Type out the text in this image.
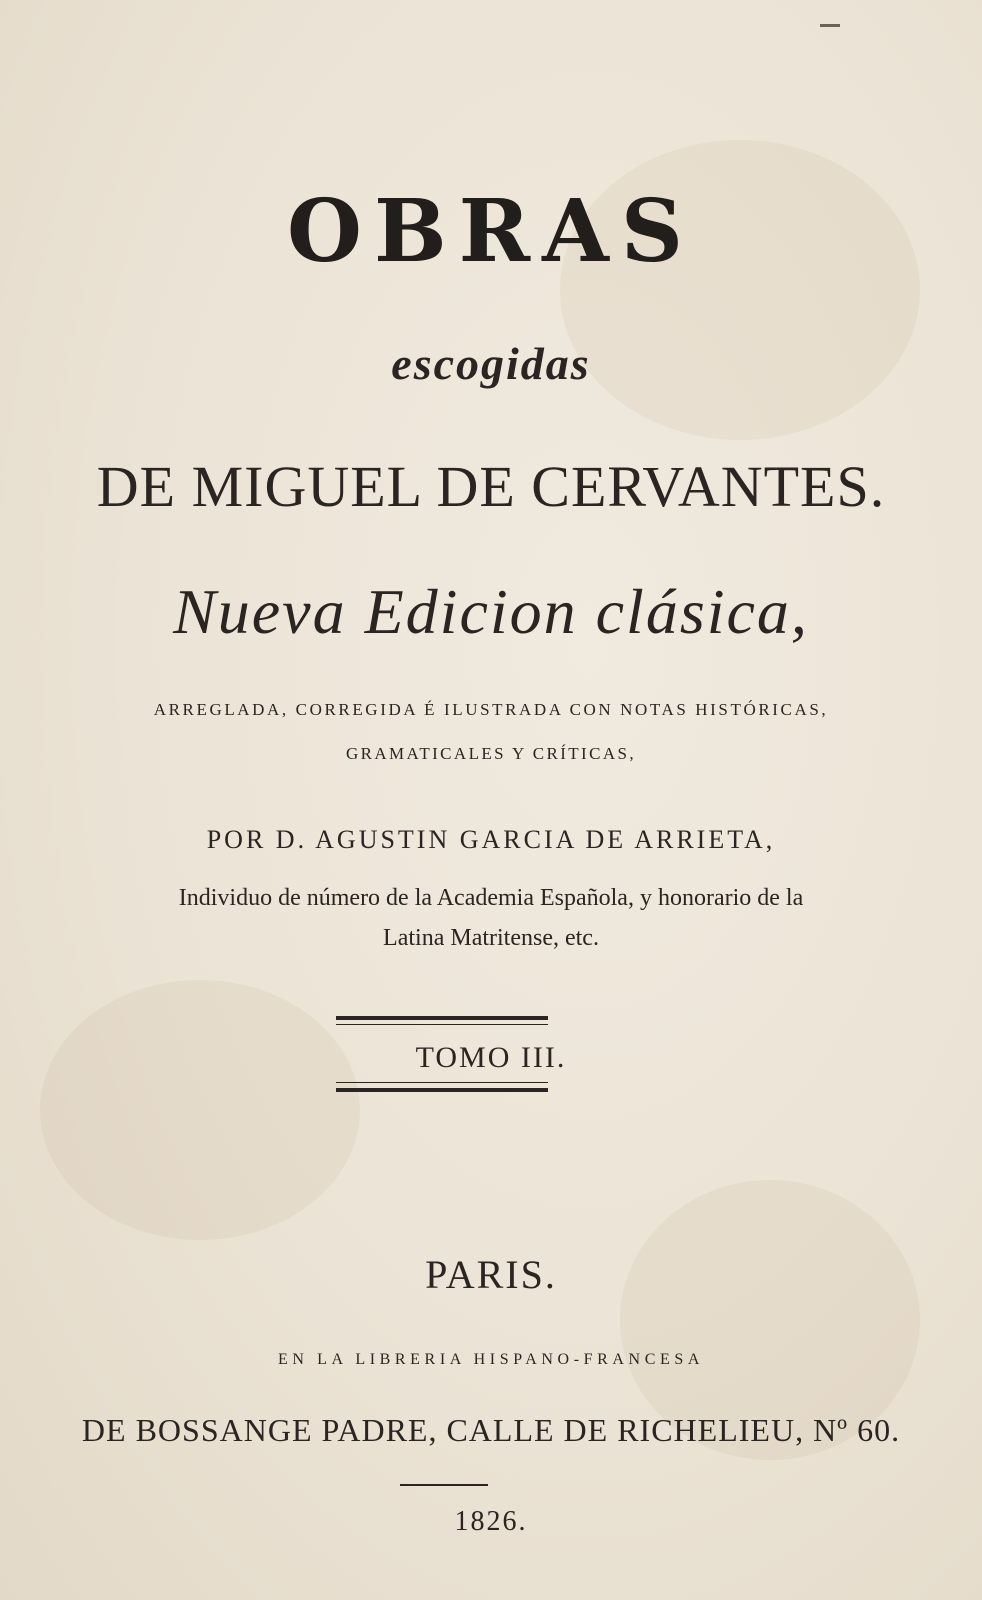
OBRAS

escogidas

DE MIGUEL DE CERVANTES.

Nueva Edicion clásica,

ARREGLADA, CORREGIDA É ILUSTRADA CON NOTAS HISTÓRICAS,

GRAMATICALES Y CRÍTICAS,

POR D. AGUSTIN GARCIA DE ARRIETA,

Individuo de número de la Academia Española, y honorario de la

Latina Matritense, etc.

TOMO III.

PARIS.

EN LA LIBRERIA HISPANO-FRANCESA

DE BOSSANGE PADRE, CALLE DE RICHELIEU, Nº 60.

1826.
